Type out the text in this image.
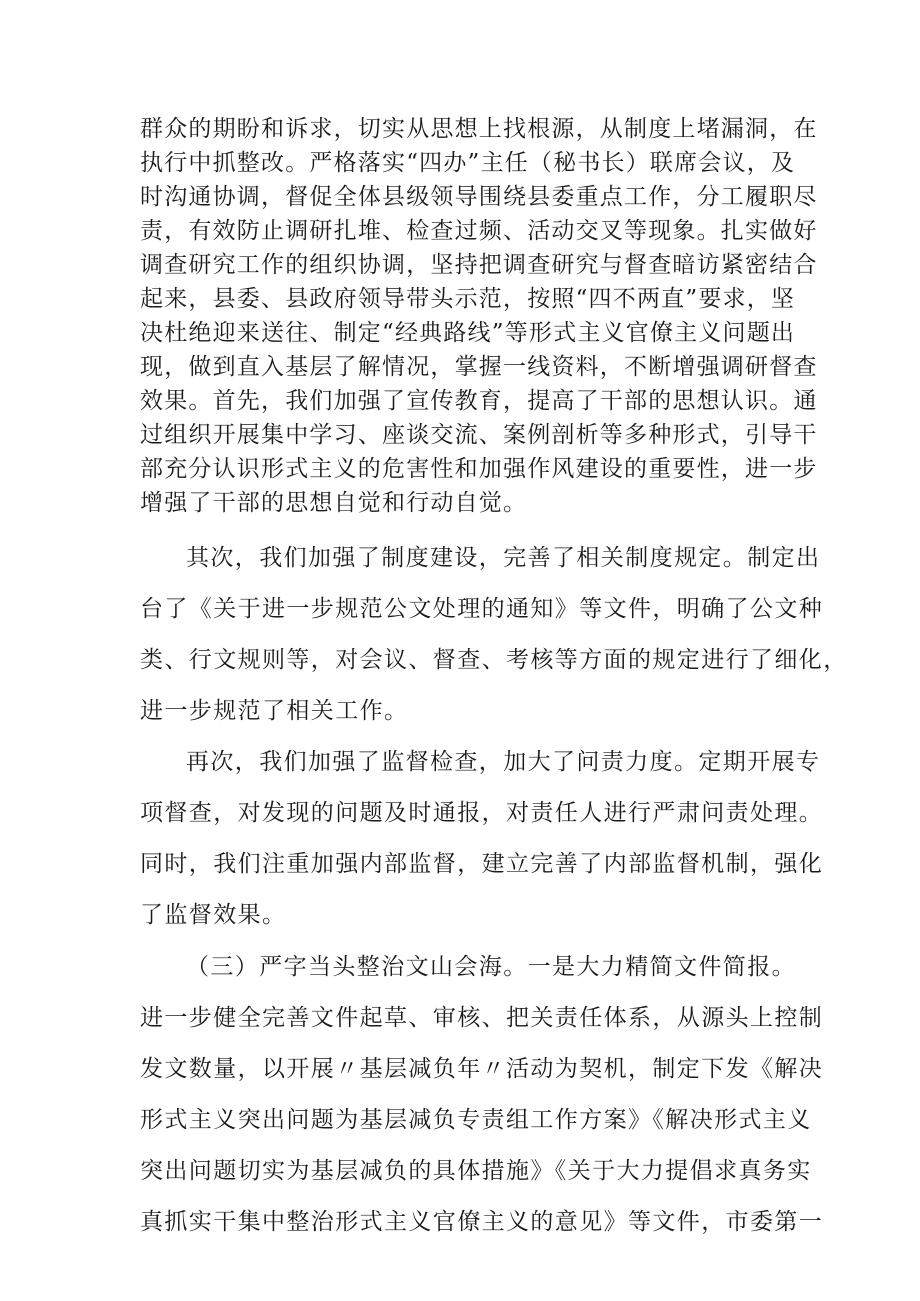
群众的期盼和诉求，切实从思想上找根源，从制度上堵漏洞，在
执行中抓整改。严格落实“四办”主任（秘书长）联席会议，及
时沟通协调，督促全体县级领导围绕县委重点工作，分工履职尽
责，有效防止调研扎堆、检查过频、活动交叉等现象。扎实做好
调查研究工作的组织协调，坚持把调查研究与督查暗访紧密结合
起来，县委、县政府领导带头示范，按照“四不两直”要求，坚
决杜绝迎来送往、制定“经典路线”等形式主义官僚主义问题出
现，做到直入基层了解情况，掌握一线资料，不断增强调研督查
效果。首先，我们加强了宣传教育，提高了干部的思想认识。通
过组织开展集中学习、座谈交流、案例剖析等多种形式，引导干
部充分认识形式主义的危害性和加强作风建设的重要性，进一步
增强了干部的思想自觉和行动自觉。
其次，我们加强了制度建设，完善了相关制度规定。制定出
台了《关于进一步规范公文处理的通知》等文件，明确了公文种
类、行文规则等，对会议、督查、考核等方面的规定进行了细化，
进一步规范了相关工作。
再次，我们加强了监督检查，加大了问责力度。定期开展专
项督查，对发现的问题及时通报，对责任人进行严肃问责处理。
同时，我们注重加强内部监督，建立完善了内部监督机制，强化
了监督效果。
（三）严字当头整治文山会海。一是大力精简文件简报。
进一步健全完善文件起草、审核、把关责任体系，从源头上控制
发文数量，以开展〃基层减负年〃活动为契机，制定下发《解决
形式主义突出问题为基层减负专责组工作方案》《解决形式主义
突出问题切实为基层减负的具体措施》《关于大力提倡求真务实
真抓实干集中整治形式主义官僚主义的意见》等文件，市委第一
